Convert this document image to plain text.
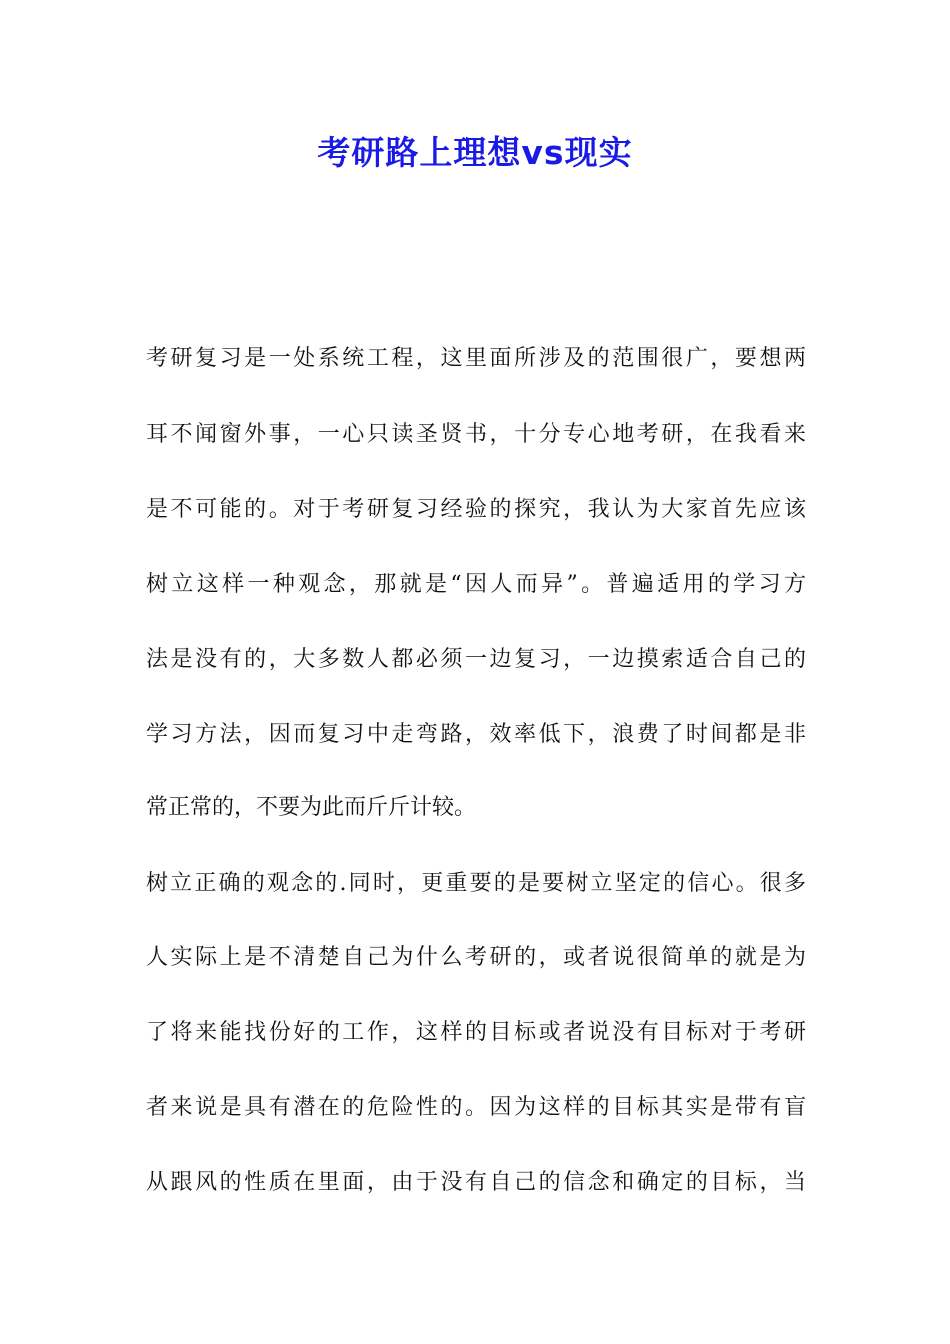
考研路上理想vs现实
考研复习是一处系统工程，这里面所涉及的范围很广，要想两
耳不闻窗外事，一心只读圣贤书，十分专心地考研，在我看来
是不可能的。对于考研复习经验的探究，我认为大家首先应该
树立这样一种观念，那就是“因人而异”。普遍适用的学习方
法是没有的，大多数人都必须一边复习，一边摸索适合自己的
学习方法，因而复习中走弯路，效率低下，浪费了时间都是非
常正常的，不要为此而斤斤计较。
树立正确的观念的.同时，更重要的是要树立坚定的信心。很多
人实际上是不清楚自己为什么考研的，或者说很简单的就是为
了将来能找份好的工作，这样的目标或者说没有目标对于考研
者来说是具有潜在的危险性的。因为这样的目标其实是带有盲
从跟风的性质在里面，由于没有自己的信念和确定的目标，当
